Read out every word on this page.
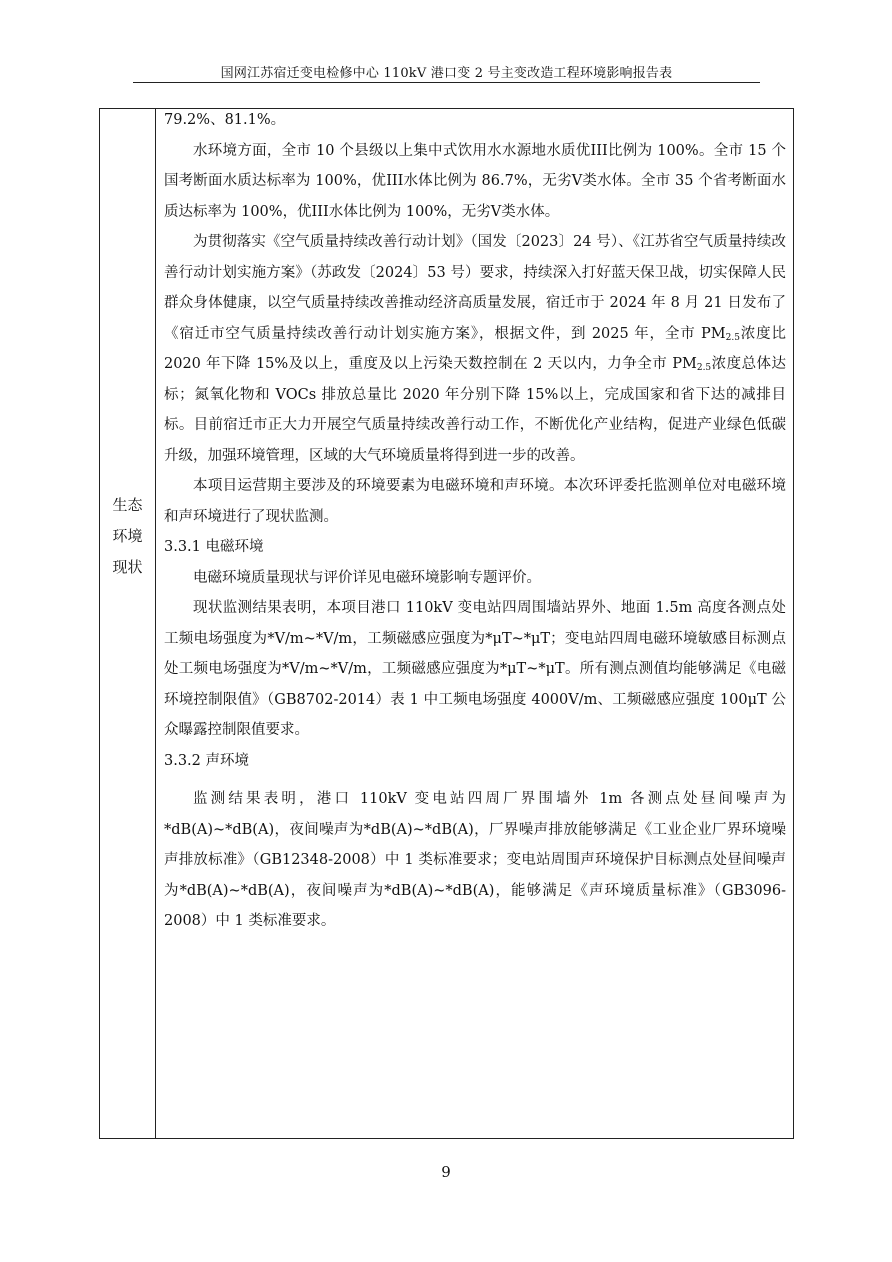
国网江苏宿迁变电检修中心 110kV 港口变 2 号主变改造工程环境影响报告表
生态
环境
现状

79.2%、81.1%。

水环境方面，全市 10 个县级以上集中式饮用水水源地水质优III比例为 100%。全市 15 个国考断面水质达标率为 100%，优III水体比例为 86.7%，无劣V类水体。全市 35 个省考断面水质达标率为 100%，优III水体比例为 100%，无劣V类水体。

为贯彻落实《空气质量持续改善行动计划》（国发〔2023〕24 号）、《江苏省空气质量持续改善行动计划实施方案》（苏政发〔2024〕53 号）要求，持续深入打好蓝天保卫战，切实保障人民群众身体健康，以空气质量持续改善推动经济高质量发展，宿迁市于 2024 年 8 月 21 日发布了《宿迁市空气质量持续改善行动计划实施方案》，根据文件，到 2025 年，全市 $PM_{2.5}$浓度比 2020 年下降 15%及以上，重度及以上污染天数控制在 2 天以内，力争全市 $PM_{2.5}$浓度总体达标；氮氧化物和 VOCs 排放总量比 2020 年分别下降 15%以上，完成国家和省下达的减排目标。目前宿迁市正大力开展空气质量持续改善行动工作，不断优化产业结构，促进产业绿色低碳升级，加强环境管理，区域的大气环境质量将得到进一步的改善。

本项目运营期主要涉及的环境要素为电磁环境和声环境。本次环评委托监测单位对电磁环境和声环境进行了现状监测。

3.3.1 电磁环境

电磁环境质量现状与评价详见电磁环境影响专题评价。

现状监测结果表明，本项目港口 110kV 变电站四周围墙站界外、地面 1.5m 高度各测点处工频电场强度为*V/m~*V/m，工频磁感应强度为*μT~*μT；变电站四周电磁环境敏感目标测点处工频电场强度为*V/m~*V/m，工频磁感应强度为*μT~*μT。所有测点测值均能够满足《电磁环境控制限值》（GB8702-2014）表 1 中工频电场强度 4000V/m、工频磁感应强度 100μT 公众曝露控制限值要求。

3.3.2 声环境

监测结果表明，港口 110kV 变电站四周厂界围墙外 1m 各测点处昼间噪声为*dB(A)~*dB(A)，夜间噪声为*dB(A)~*dB(A)，厂界噪声排放能够满足《工业企业厂界环境噪声排放标准》（GB12348-2008）中 1 类标准要求；变电站周围声环境保护目标测点处昼间噪声为*dB(A)~*dB(A)，夜间噪声为*dB(A)~*dB(A)，能够满足《声环境质量标准》（GB3096-2008）中 1 类标准要求。

9
